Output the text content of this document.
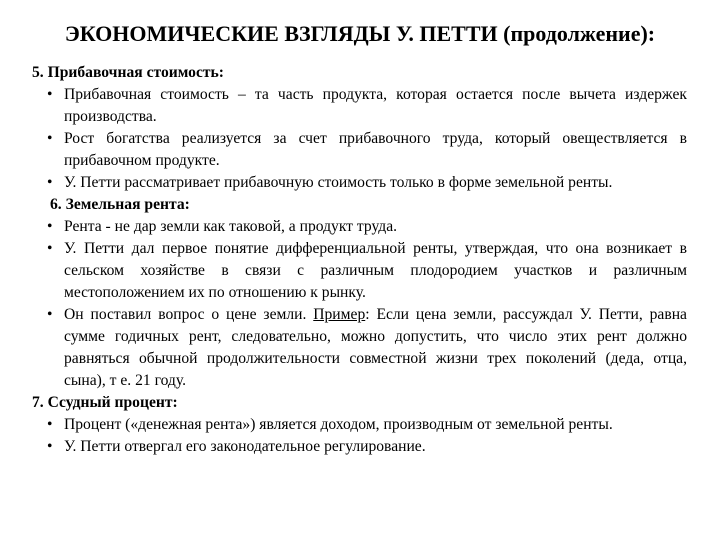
ЭКОНОМИЧЕСКИЕ ВЗГЛЯДЫ У. ПЕТТИ (продолжение):
5. Прибавочная стоимость:
• Прибавочная стоимость – та часть продукта, которая остается после вычета издержек производства.
• Рост богатства реализуется за счет прибавочного труда, который овеществляется в прибавочном продукте.
• У. Петти рассматривает прибавочную стоимость только в форме земельной ренты.
6. Земельная рента:
• Рента - не дар земли как таковой, а продукт труда.
• У. Петти дал первое понятие дифференциальной ренты, утверждая, что она возникает в сельском хозяйстве в связи с различным плодородием участков и различным местоположением их по отношению к рынку.
• Он поставил вопрос о цене земли. Пример: Если цена земли, рассуждал У. Петти, равна сумме годичных рент, следовательно, можно допустить, что число этих рент должно равняться обычной продолжительности совместной жизни трех поколений (деда, отца, сына), т е. 21 году.
7. Ссудный процент:
• Процент («денежная рента») является доходом, производным от земельной ренты.
• У. Петти отвергал его законодательное регулирование.
